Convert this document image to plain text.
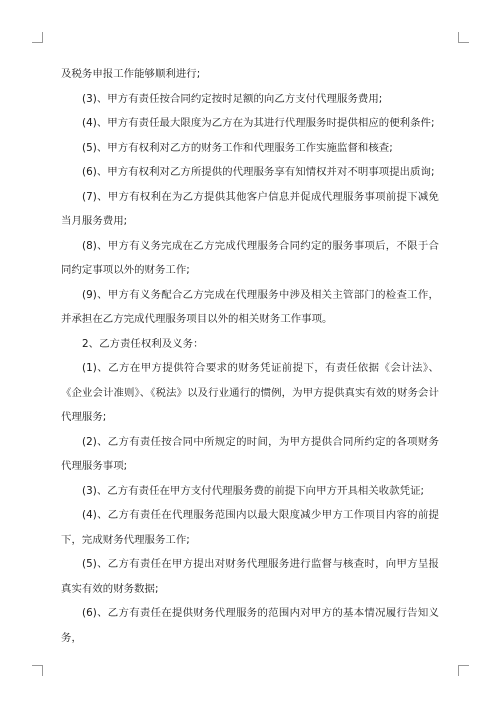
及税务申报工作能够顺利进行;

(3)、甲方有责任按合同约定按时足额的向乙方支付代理服务费用;

(4)、甲方有责任最大限度为乙方在为其进行代理服务时提供相应的便利条件;

(5)、甲方有权利对乙方的财务工作和代理服务工作实施监督和核查;

(6)、甲方有权利对乙方所提供的代理服务享有知情权并对不明事项提出质询;

(7)、甲方有权利在为乙方提供其他客户信息并促成代理服务事项前提下减免当月服务费用;

(8)、甲方有义务完成在乙方完成代理服务合同约定的服务事项后，不限于合同约定事项以外的财务工作;

(9)、甲方有义务配合乙方完成在代理服务中涉及相关主管部门的检查工作，并承担在乙方完成代理服务项目以外的相关财务工作事项。

2、乙方责任权利及义务：

(1)、乙方在甲方提供符合要求的财务凭证前提下，有责任依据《会计法》、《企业会计准则》、《税法》以及行业通行的惯例，为甲方提供真实有效的财务会计代理服务;

(2)、乙方有责任按合同中所规定的时间，为甲方提供合同所约定的各项财务代理服务事项;

(3)、乙方有责任在甲方支付代理服务费的前提下向甲方开具相关收款凭证;

(4)、乙方有责任在代理服务范围内以最大限度减少甲方工作项目内容的前提下，完成财务代理服务工作;

(5)、乙方有责任在甲方提出对财务代理服务进行监督与核查时，向甲方呈报真实有效的财务数据;

(6)、乙方有责任在提供财务代理服务的范围内对甲方的基本情况履行告知义务，
